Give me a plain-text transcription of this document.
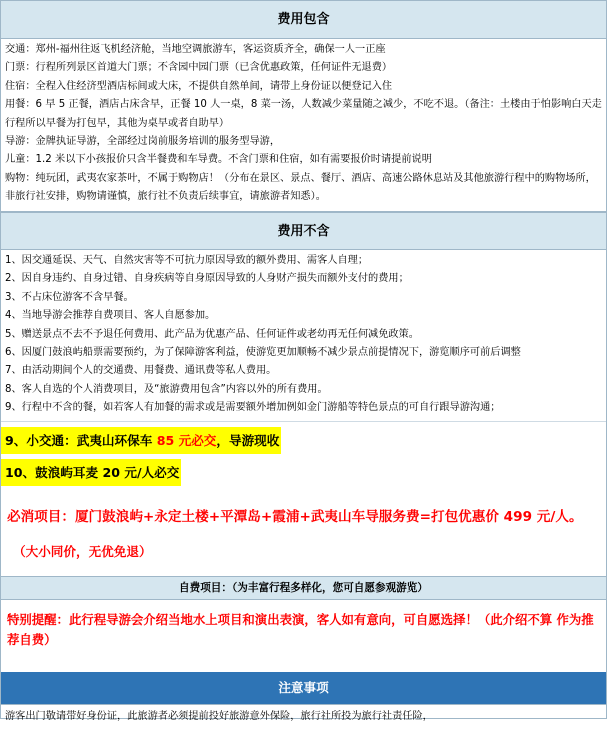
费用包含

交通：郑州-福州往返飞机经济舱，当地空调旅游车，客运资质齐全，确保一人一正座

门票：行程所列景区首道大门票；不含园中园门票（已含优惠政策，任何证件无退费）

住宿：全程入住经济型酒店标间或大床，不提供自然单间，请带上身份证以便登记入住

用餐：6 早 5 正餐，酒店占床含早，正餐 10 人一桌，8 菜一汤，人数减少菜量随之减少，不吃不退。（备注：土楼由于怕影响白天走行程所以早餐为打包早，其他为桌早或者自助早）

导游：金牌执证导游，全部经过岗前服务培训的服务型导游，

儿童：1.2 米以下小孩报价只含半餐费和车导费。不含门票和住宿，如有需要报价时请提前说明

购物：纯玩团，武夷农家茶叶，不属于购物店！（分布在景区、景点、餐厅、酒店、高速公路休息站及其他旅游行程中的购物场所，非旅行社安排，购物请谨慎，旅行社不负责后续事宜，请旅游者知悉）。

费用不含

1、因交通延误、天气、自然灾害等不可抗力原因导致的额外费用、需客人自理；

2、因自身违约、自身过错、自身疾病等自身原因导致的人身财产损失而额外支付的费用；

3、不占床位游客不含早餐。

4、当地导游会推荐自费项目、客人自愿参加。

5、赠送景点不去不予退任何费用、此产品为优惠产品、任何证件或老幼再无任何减免政策。

6、因厦门鼓浪屿船票需要预约，为了保障游客利益，使游览更加顺畅不减少景点前提情况下，游览顺序可前后调整

7、由活动期间个人的交通费、用餐费、通讯费等私人费用。

8、客人自选的个人消费项目，及“旅游费用包含”内容以外的所有费用。

9、行程中不含的餐，如若客人有加餐的需求或是需要额外增加例如金门游船等特色景点的可自行跟导游沟通；

9、小交通：武夷山环保车 85 元必交，导游现收
10、鼓浪屿耳麦 20 元/人必交
必消项目：厦门鼓浪屿+永定土楼+平潭岛+霞浦+武夷山车导服务费=打包优惠价 499 元/人。
（大小同价，无优免退）
自费项目：（为丰富行程多样化，您可自愿参观游览）
特别提醒：此行程导游会介绍当地水上项目和演出表演，客人如有意向，可自愿选择！（此介绍不算 作为推荐自费）
注意事项
游客出门敬请带好身份证，此旅游者必须提前投好旅游意外保险，旅行社所投为旅行社责任险，
